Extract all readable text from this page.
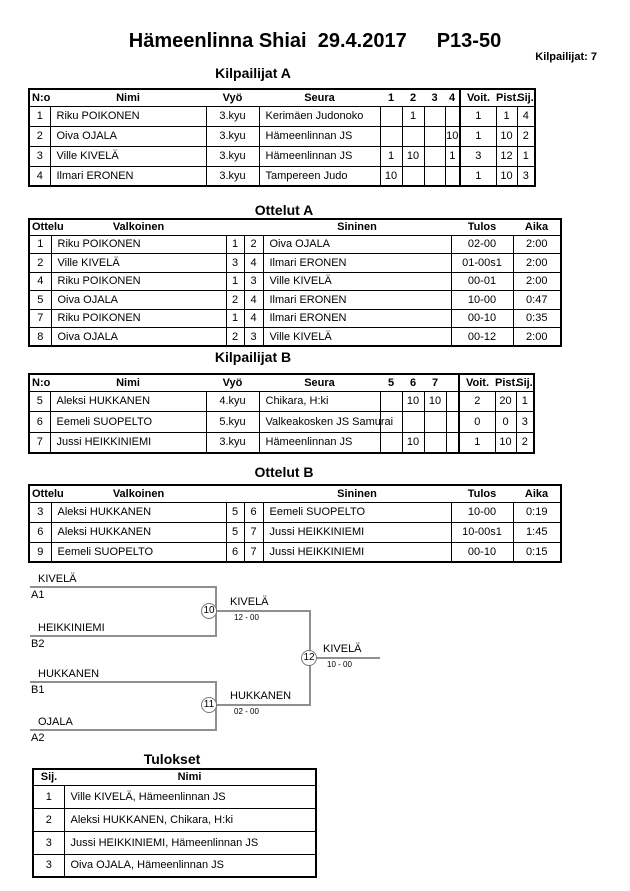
Hämeenlinna Shiai  29.4.2017 P13-50
Kilpailijat: 7
Kilpailijat A
N:o	Nimi	Vyö	Seura	1	2	3	4	Voit.	Pist.	Sij.
1	Riku POIKONEN	3.kyu	Kerimäen Judonoko		1			1	1	4
2	Oiva OJALA	3.kyu	Hämeenlinnan JS				10	1	10	2
3	Ville KIVELÄ	3.kyu	Hämeenlinnan JS	1	10		1	3	12	1
4	Ilmari ERONEN	3.kyu	Tampereen Judo	10				1	10	3
Ottelut A
Ottelu	Valkoinen			Sininen	Tulos	Aika
1	Riku POIKONEN	1	2	Oiva OJALA	02-00	2:00
2	Ville KIVELÄ	3	4	Ilmari ERONEN	01-00s1	2:00
4	Riku POIKONEN	1	3	Ville KIVELÄ	00-01	2:00
5	Oiva OJALA	2	4	Ilmari ERONEN	10-00	0:47
7	Riku POIKONEN	1	4	Ilmari ERONEN	00-10	0:35
8	Oiva OJALA	2	3	Ville KIVELÄ	00-12	2:00
Kilpailijat B
N:o	Nimi	Vyö	Seura	5	6	7		Voit.	Pist.	Sij.
5	Aleksi HUKKANEN	4.kyu	Chikara, H:ki		10	10		2	20	1
6	Eemeli SUOPELTO	5.kyu	Valkeakosken JS Samurai					0	0	3
7	Jussi HEIKKINIEMI	3.kyu	Hämeenlinnan JS		10			1	10	2
Ottelut B
Ottelu	Valkoinen			Sininen	Tulos	Aika
3	Aleksi HUKKANEN	5	6	Eemeli SUOPELTO	10-00	0:19
6	Aleksi HUKKANEN	5	7	Jussi HEIKKINIEMI	10-00s1	1:45
9	Eemeli SUOPELTO	6	7	Jussi HEIKKINIEMI	00-10	0:15
KIVELÄ
A1
HEIKKINIEMI
B2
HUKKANEN
B1
OJALA
A2
10
KIVELÄ
12 - 00
11
HUKKANEN
02 - 00
12
KIVELÄ
10 - 00
Tulokset
Sij.	Nimi
1	Ville KIVELÄ, Hämeenlinnan JS
2	Aleksi HUKKANEN, Chikara, H:ki
3	Jussi HEIKKINIEMI, Hämeenlinnan JS
3	Oiva OJALA, Hämeenlinnan JS
